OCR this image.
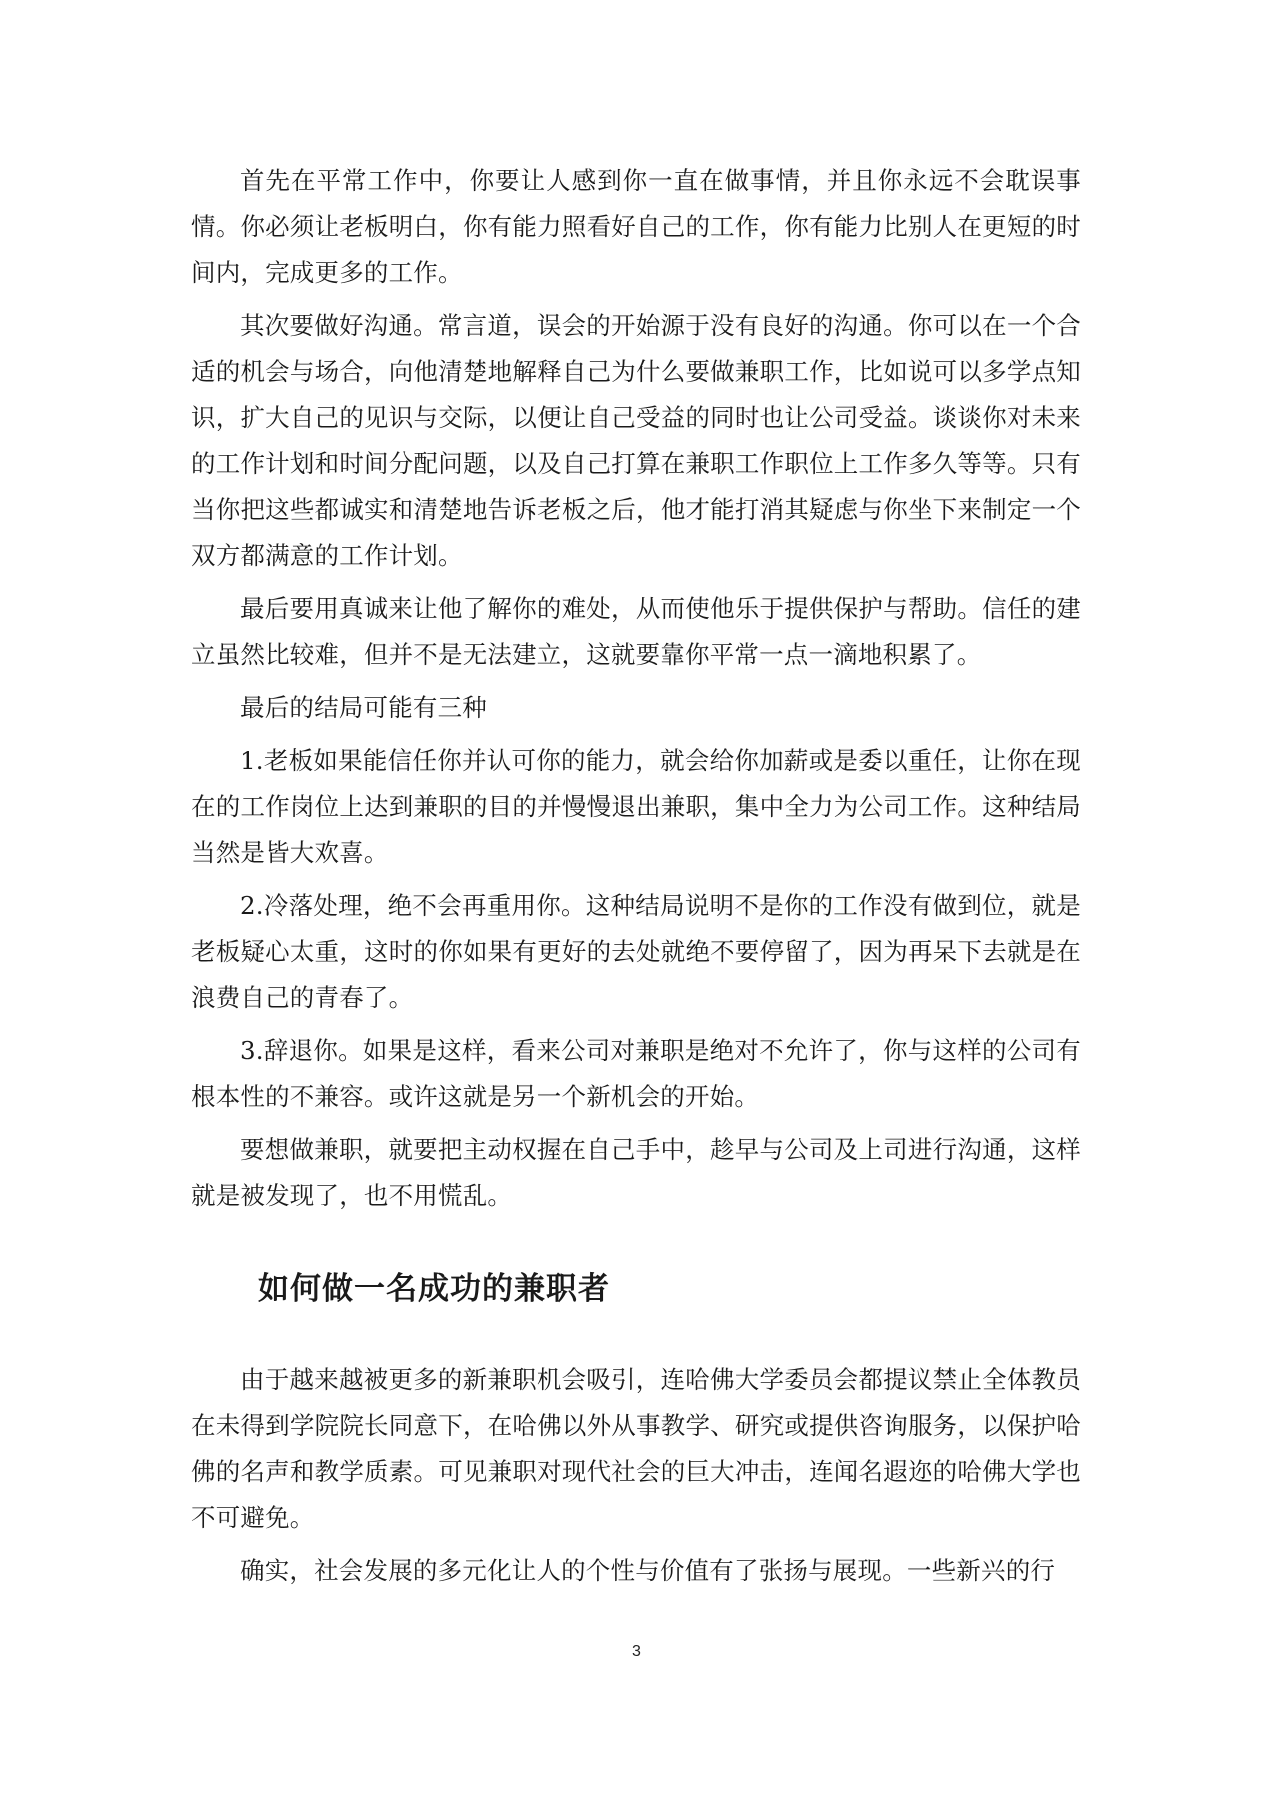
首先在平常工作中，你要让人感到你一直在做事情，并且你永远不会耽误事情。你必须让老板明白，你有能力照看好自己的工作，你有能力比别人在更短的时间内，完成更多的工作。

其次要做好沟通。常言道，误会的开始源于没有良好的沟通。你可以在一个合适的机会与场合，向他清楚地解释自己为什么要做兼职工作，比如说可以多学点知识，扩大自己的见识与交际，以便让自己受益的同时也让公司受益。谈谈你对未来的工作计划和时间分配问题，以及自己打算在兼职工作职位上工作多久等等。只有当你把这些都诚实和清楚地告诉老板之后，他才能打消其疑虑与你坐下来制定一个双方都满意的工作计划。

最后要用真诚来让他了解你的难处，从而使他乐于提供保护与帮助。信任的建立虽然比较难，但并不是无法建立，这就要靠你平常一点一滴地积累了。

最后的结局可能有三种

1.老板如果能信任你并认可你的能力，就会给你加薪或是委以重任，让你在现在的工作岗位上达到兼职的目的并慢慢退出兼职，集中全力为公司工作。这种结局当然是皆大欢喜。

2.冷落处理，绝不会再重用你。这种结局说明不是你的工作没有做到位，就是老板疑心太重，这时的你如果有更好的去处就绝不要停留了，因为再呆下去就是在浪费自己的青春了。

3.辞退你。如果是这样，看来公司对兼职是绝对不允许了，你与这样的公司有根本性的不兼容。或许这就是另一个新机会的开始。

要想做兼职，就要把主动权握在自己手中，趁早与公司及上司进行沟通，这样就是被发现了，也不用慌乱。

如何做一名成功的兼职者

由于越来越被更多的新兼职机会吸引，连哈佛大学委员会都提议禁止全体教员在未得到学院院长同意下，在哈佛以外从事教学、研究或提供咨询服务，以保护哈佛的名声和教学质素。可见兼职对现代社会的巨大冲击，连闻名遐迩的哈佛大学也不可避免。

确实，社会发展的多元化让人的个性与价值有了张扬与展现。一些新兴的行

3
